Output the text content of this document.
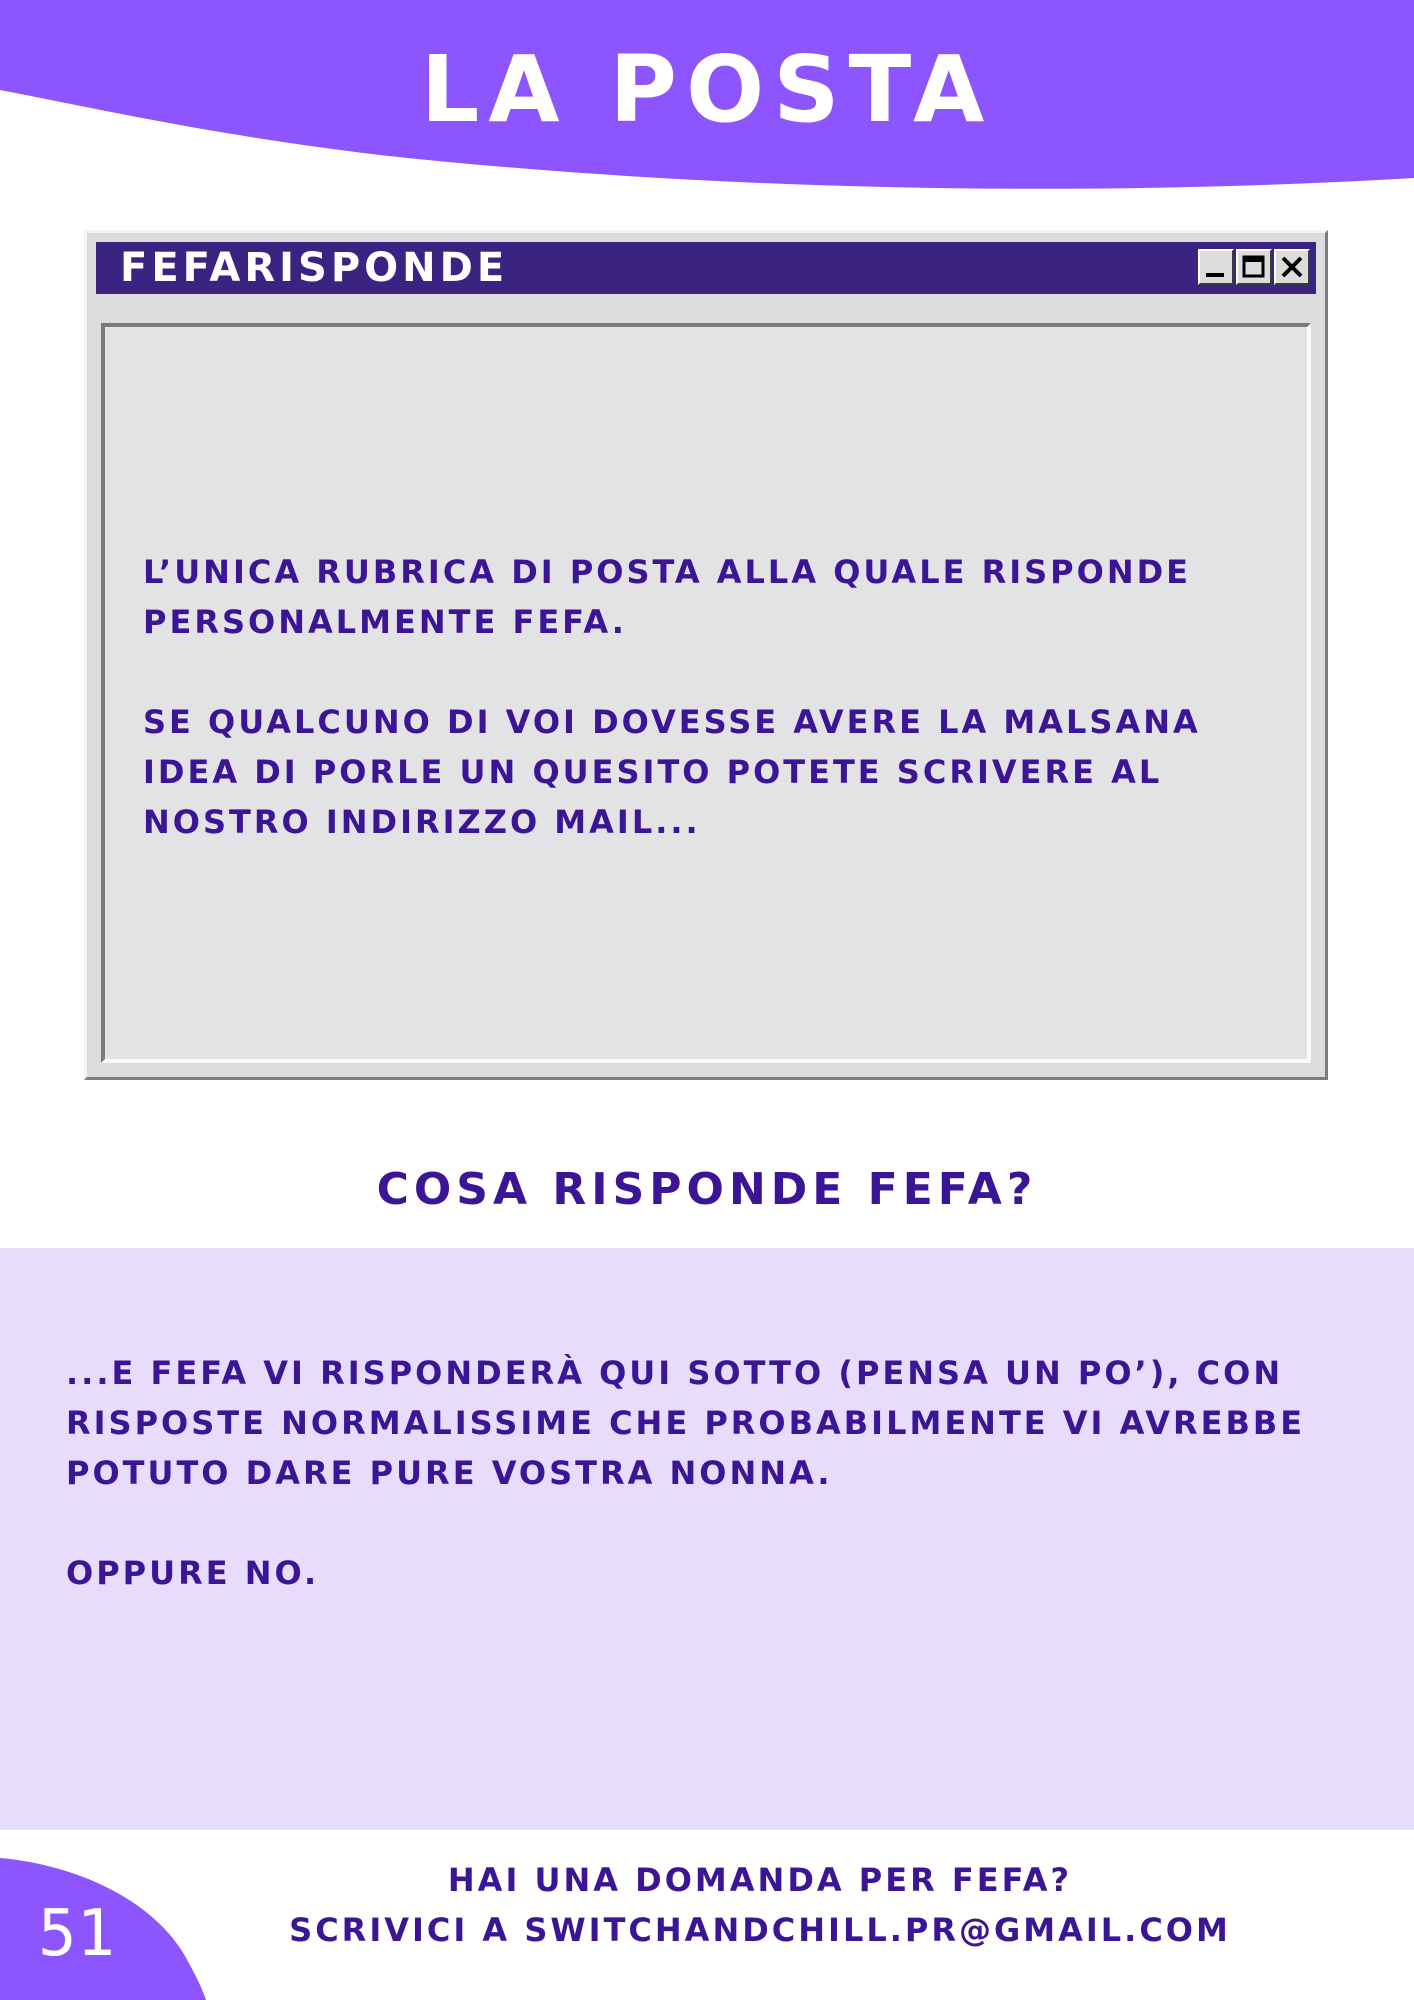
LA POSTA
FEFARISPONDE

L’UNICA RUBRICA DI POSTA ALLA QUALE RISPONDE PERSONALMENTE FEFA.

SE QUALCUNO DI VOI DOVESSE AVERE LA MALSANA IDEA DI PORLE UN QUESITO POTETE SCRIVERE AL NOSTRO INDIRIZZO MAIL...

COSA RISPONDE FEFA?

...E FEFA VI RISPONDERÀ QUI SOTTO (PENSA UN PO’), CON RISPOSTE NORMALISSIME CHE PROBABILMENTE VI AVREBBE POTUTO DARE PURE VOSTRA NONNA.

OPPURE NO.

51

HAI UNA DOMANDA PER FEFA?

SCRIVICI A SWITCHANDCHILL.PR@GMAIL.COM
